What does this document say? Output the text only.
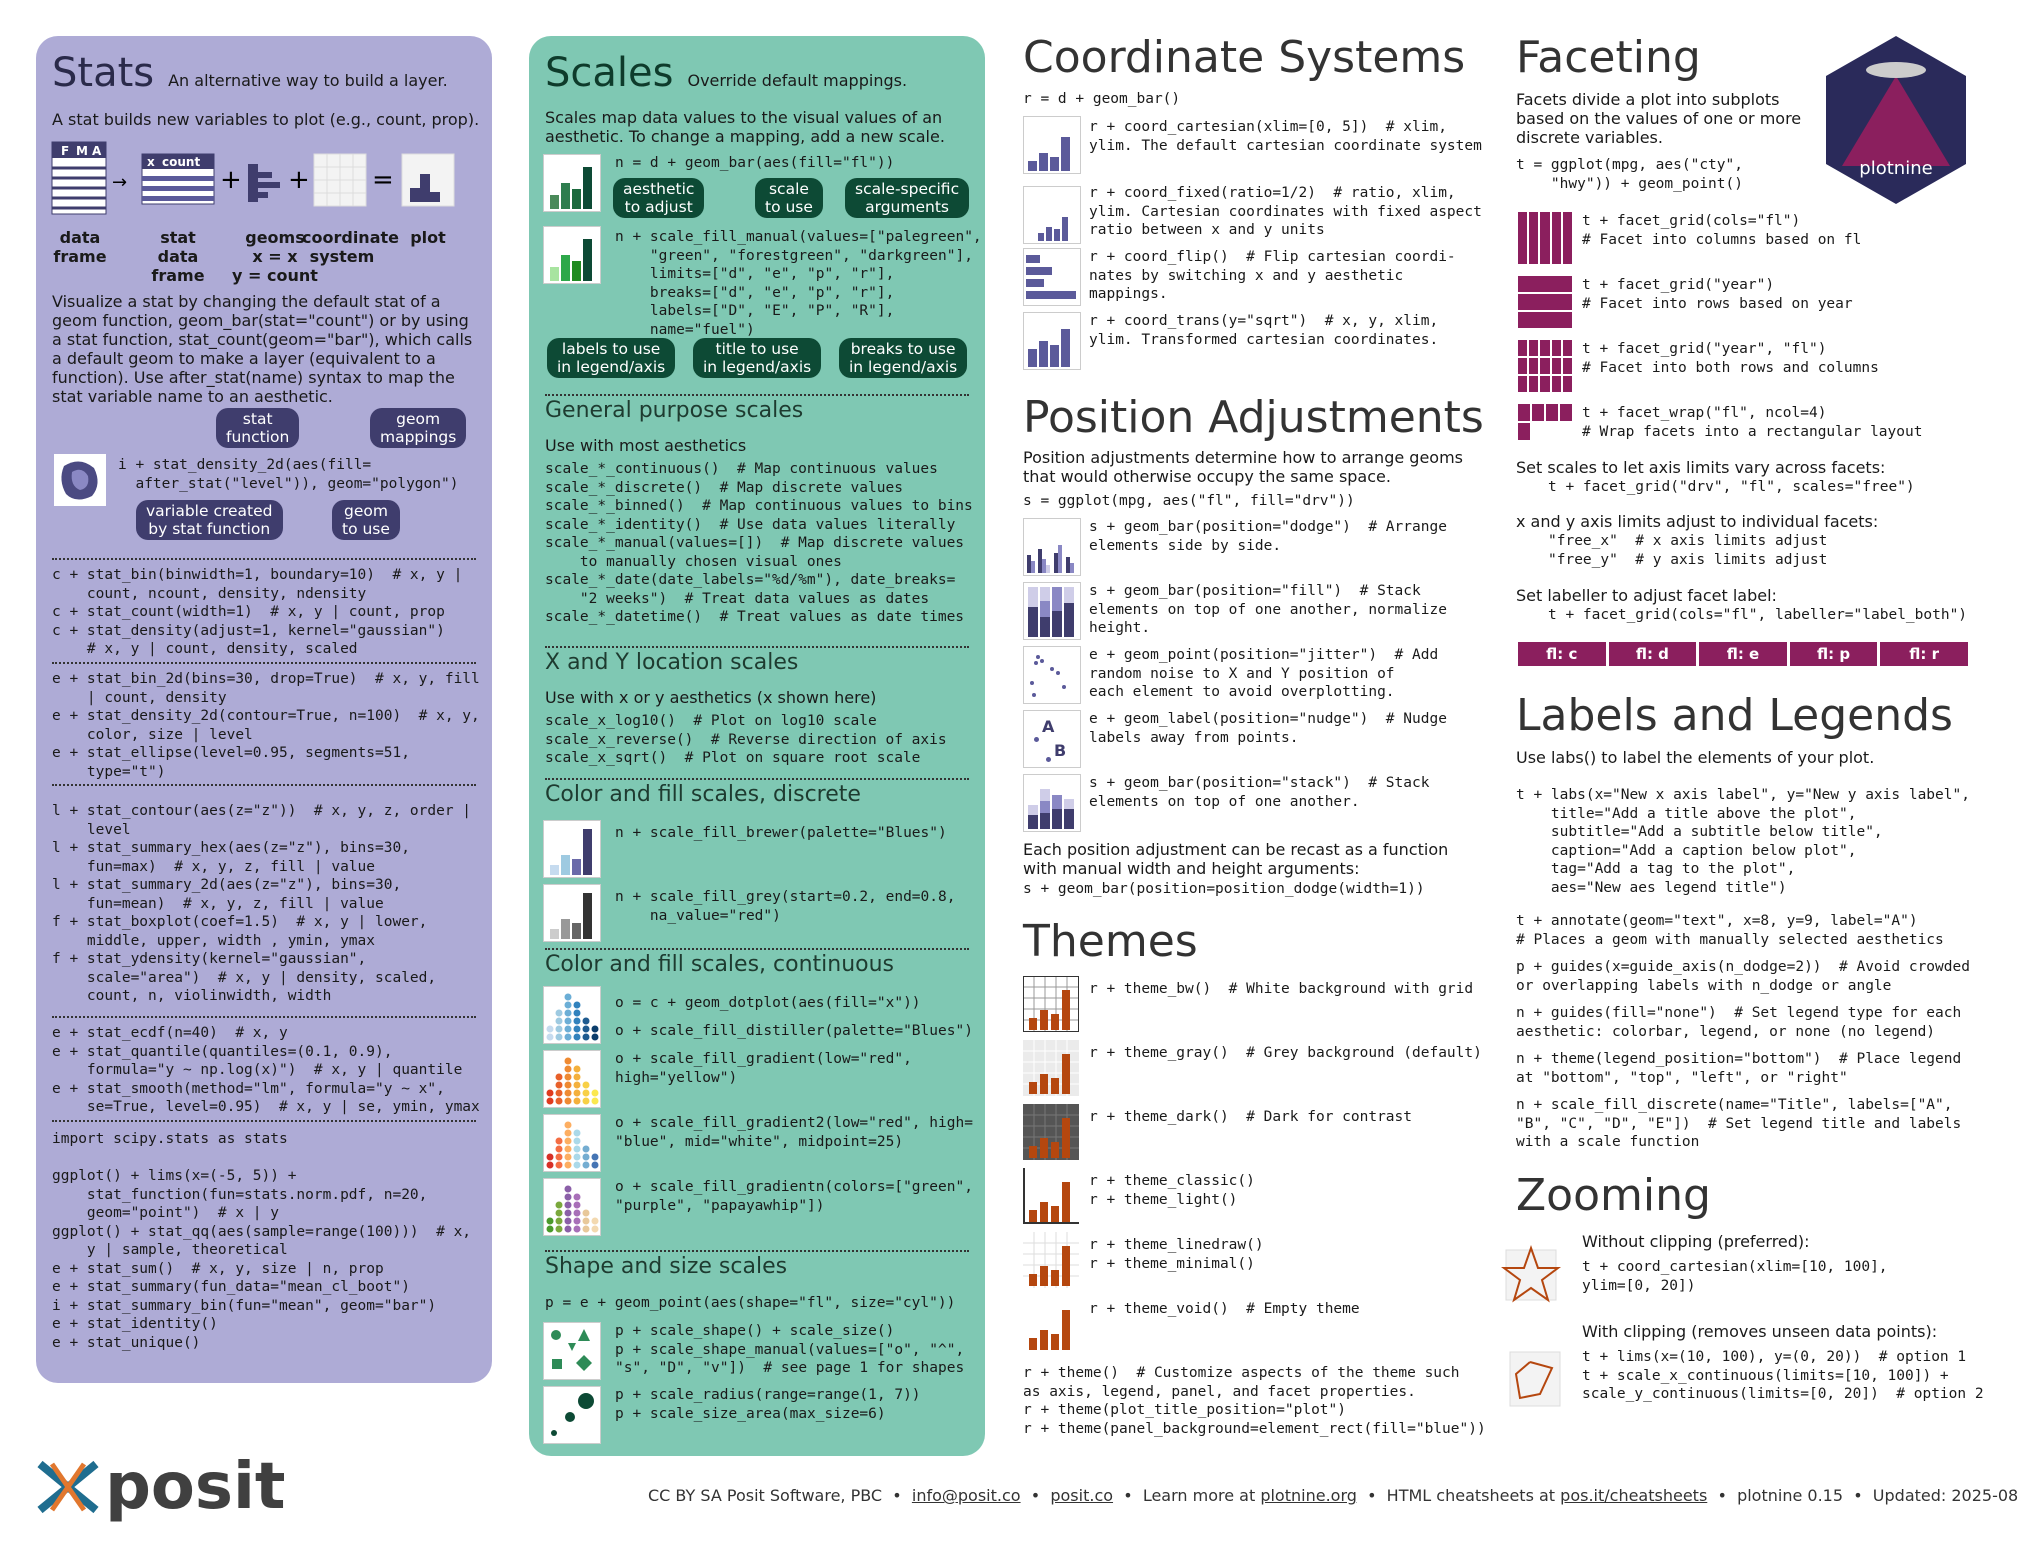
Stats An alternative way to build a layer.
A stat builds new variables to plot (e.g., count, prop).
F M A
→
x count
+ + =
data
frame
stat
data
frame
geoms
x = x
y = count
coordinate
system
plot
Visualize a stat by changing the default stat of a geom function, geom_bar(stat="count") or by using a stat function, stat_count(geom="bar"), which calls a default geom to make a layer (equivalent to a function). Use after_stat(name) syntax to map the stat variable name to an aesthetic.
stat
function
geom
mappings
i + stat_density_2d(aes(fill=
after_stat("level")), geom="polygon")
variable created
by stat function
geom
to use
c + stat_bin(binwidth=1, boundary=10)  # x, y |
count, ncount, density, ndensity
c + stat_count(width=1)  # x, y | count, prop
c + stat_density(adjust=1, kernel="gaussian")
# x, y | count, density, scaled
e + stat_bin_2d(bins=30, drop=True)  # x, y, fill
| count, density
e + stat_density_2d(contour=True, n=100)  # x, y,
color, size | level
e + stat_ellipse(level=0.95, segments=51,
type="t")
l + stat_contour(aes(z="z"))  # x, y, z, order |
level
l + stat_summary_hex(aes(z="z"), bins=30,
fun=max)  # x, y, z, fill | value
l + stat_summary_2d(aes(z="z"), bins=30,
fun=mean)  # x, y, z, fill | value
f + stat_boxplot(coef=1.5)  # x, y | lower,
middle, upper, width , ymin, ymax
f + stat_ydensity(kernel="gaussian",
scale="area")  # x, y | density, scaled,
count, n, violinwidth, width
e + stat_ecdf(n=40)  # x, y
e + stat_quantile(quantiles=(0.1, 0.9),
formula="y ~ np.log(x)")  # x, y | quantile
e + stat_smooth(method="lm", formula="y ~ x",
se=True, level=0.95)  # x, y | se, ymin, ymax
import scipy.stats as stats

ggplot() + lims(x=(-5, 5)) +
stat_function(fun=stats.norm.pdf, n=20,
geom="point")  # x | y
ggplot() + stat_qq(aes(sample=range(100)))  # x,
y | sample, theoretical
e + stat_sum()  # x, y, size | n, prop
e + stat_summary(fun_data="mean_cl_boot")
i + stat_summary_bin(fun="mean", geom="bar")
e + stat_identity()
e + stat_unique()
Scales Override default mappings.
Scales map data values to the visual values of an aesthetic. To change a mapping, add a new scale.
n = d + geom_bar(aes(fill="fl"))
aesthetic
to adjust
scale
to use
scale-specific
arguments
n + scale_fill_manual(values=["palegreen",
"green", "forestgreen", "darkgreen"],
limits=["d", "e", "p", "r"],
breaks=["d", "e", "p", "r"],
labels=["D", "E", "P", "R"],
name="fuel")
labels to use
in legend/axis
title to use
in legend/axis
breaks to use
in legend/axis
General purpose scales
Use with most aesthetics
scale_*_continuous()  # Map continuous values
scale_*_discrete()  # Map discrete values
scale_*_binned()  # Map continuous values to bins
scale_*_identity()  # Use data values literally
scale_*_manual(values=[])  # Map discrete values
to manually chosen visual ones
scale_*_date(date_labels="%d/%m"), date_breaks=
"2 weeks")  # Treat data values as dates
scale_*_datetime()  # Treat values as date times
X and Y location scales
Use with x or y aesthetics (x shown here)
scale_x_log10()  # Plot on log10 scale
scale_x_reverse()  # Reverse direction of axis
scale_x_sqrt()  # Plot on square root scale
Color and fill scales, discrete
n + scale_fill_brewer(palette="Blues")
n + scale_fill_grey(start=0.2, end=0.8,
na_value="red")
Color and fill scales, continuous
o = c + geom_dotplot(aes(fill="x"))
o + scale_fill_distiller(palette="Blues")
o + scale_fill_gradient(low="red",
high="yellow")
o + scale_fill_gradient2(low="red", high=
"blue", mid="white", midpoint=25)
o + scale_fill_gradientn(colors=["green",
"purple", "papayawhip"])
Shape and size scales
p = e + geom_point(aes(shape="fl", size="cyl"))
p + scale_shape() + scale_size()
p + scale_shape_manual(values=["o", "^",
"s", "D", "v"])  # see page 1 for shapes
p + scale_radius(range=range(1, 7))
p + scale_size_area(max_size=6)
Coordinate Systems
r = d + geom_bar()
r + coord_cartesian(xlim=[0, 5])  # xlim,
ylim. The default cartesian coordinate system
r + coord_fixed(ratio=1/2)  # ratio, xlim,
ylim. Cartesian coordinates with fixed aspect
ratio between x and y units
r + coord_flip()  # Flip cartesian coordi-
nates by switching x and y aesthetic
mappings.
r + coord_trans(y="sqrt")  # x, y, xlim,
ylim. Transformed cartesian coordinates.
Position Adjustments
Position adjustments determine how to arrange geoms that would otherwise occupy the same space.
s = ggplot(mpg, aes("fl", fill="drv"))
s + geom_bar(position="dodge")  # Arrange
elements side by side.
s + geom_bar(position="fill")  # Stack
elements on top of one another, normalize
height.
e + geom_point(position="jitter")  # Add
random noise to X and Y position of
each element to avoid overplotting.
A
B
e + geom_label(position="nudge")  # Nudge
labels away from points.
s + geom_bar(position="stack")  # Stack
elements on top of one another.
Each position adjustment can be recast as a function with manual width and height arguments:
s + geom_bar(position=position_dodge(width=1))
Themes
r + theme_bw()  # White background with grid
r + theme_gray()  # Grey background (default)
r + theme_dark()  # Dark for contrast
r + theme_classic()
r + theme_light()
r + theme_linedraw()
r + theme_minimal()
r + theme_void()  # Empty theme
r + theme()  # Customize aspects of the theme such
as axis, legend, panel, and facet properties.
r + theme(plot_title_position="plot")
r + theme(panel_background=element_rect(fill="blue"))
Faceting
plotnine
Facets divide a plot into subplots based on the values of one or more discrete variables.
t = ggplot(mpg, aes("cty",
"hwy")) + geom_point()
t + facet_grid(cols="fl")
# Facet into columns based on fl
t + facet_grid("year")
# Facet into rows based on year
t + facet_grid("year", "fl")
# Facet into both rows and columns
t + facet_wrap("fl", ncol=4)
# Wrap facets into a rectangular layout
Set scales to let axis limits vary across facets:
t + facet_grid("drv", "fl", scales="free")
x and y axis limits adjust to individual facets:
"free_x"  # x axis limits adjust
"free_y"  # y axis limits adjust
Set labeller to adjust facet label:
t + facet_grid(cols="fl", labeller="label_both")
fl: c	fl: d	fl: e	fl: p	fl: r
Labels and Legends
Use labs() to label the elements of your plot.
t + labs(x="New x axis label", y="New y axis label",
title="Add a title above the plot",
subtitle="Add a subtitle below title",
caption="Add a caption below plot",
tag="Add a tag to the plot",
aes="New aes legend title")
t + annotate(geom="text", x=8, y=9, label="A")
# Places a geom with manually selected aesthetics
p + guides(x=guide_axis(n_dodge=2))  # Avoid crowded
or overlapping labels with n_dodge or angle
n + guides(fill="none")  # Set legend type for each
aesthetic: colorbar, legend, or none (no legend)
n + theme(legend_position="bottom")  # Place legend
at "bottom", "top", "left", or "right"
n + scale_fill_discrete(name="Title", labels=["A",
"B", "C", "D", "E"])  # Set legend title and labels
with a scale function
Zooming
Without clipping (preferred):
t + coord_cartesian(xlim=[10, 100],
ylim=[0, 20])
With clipping (removes unseen data points):
t + lims(x=(10, 100), y=(0, 20))  # option 1
t + scale_x_continuous(limits=[10, 100]) +
scale_y_continuous(limits=[0, 20])  # option 2
posit	CC BY SA Posit Software, PBC  •  info@posit.co  •  posit.co  •  Learn more at plotnine.org  •  HTML cheatsheets at pos.it/cheatsheets  •  plotnine 0.15  •  Updated: 2025-08
